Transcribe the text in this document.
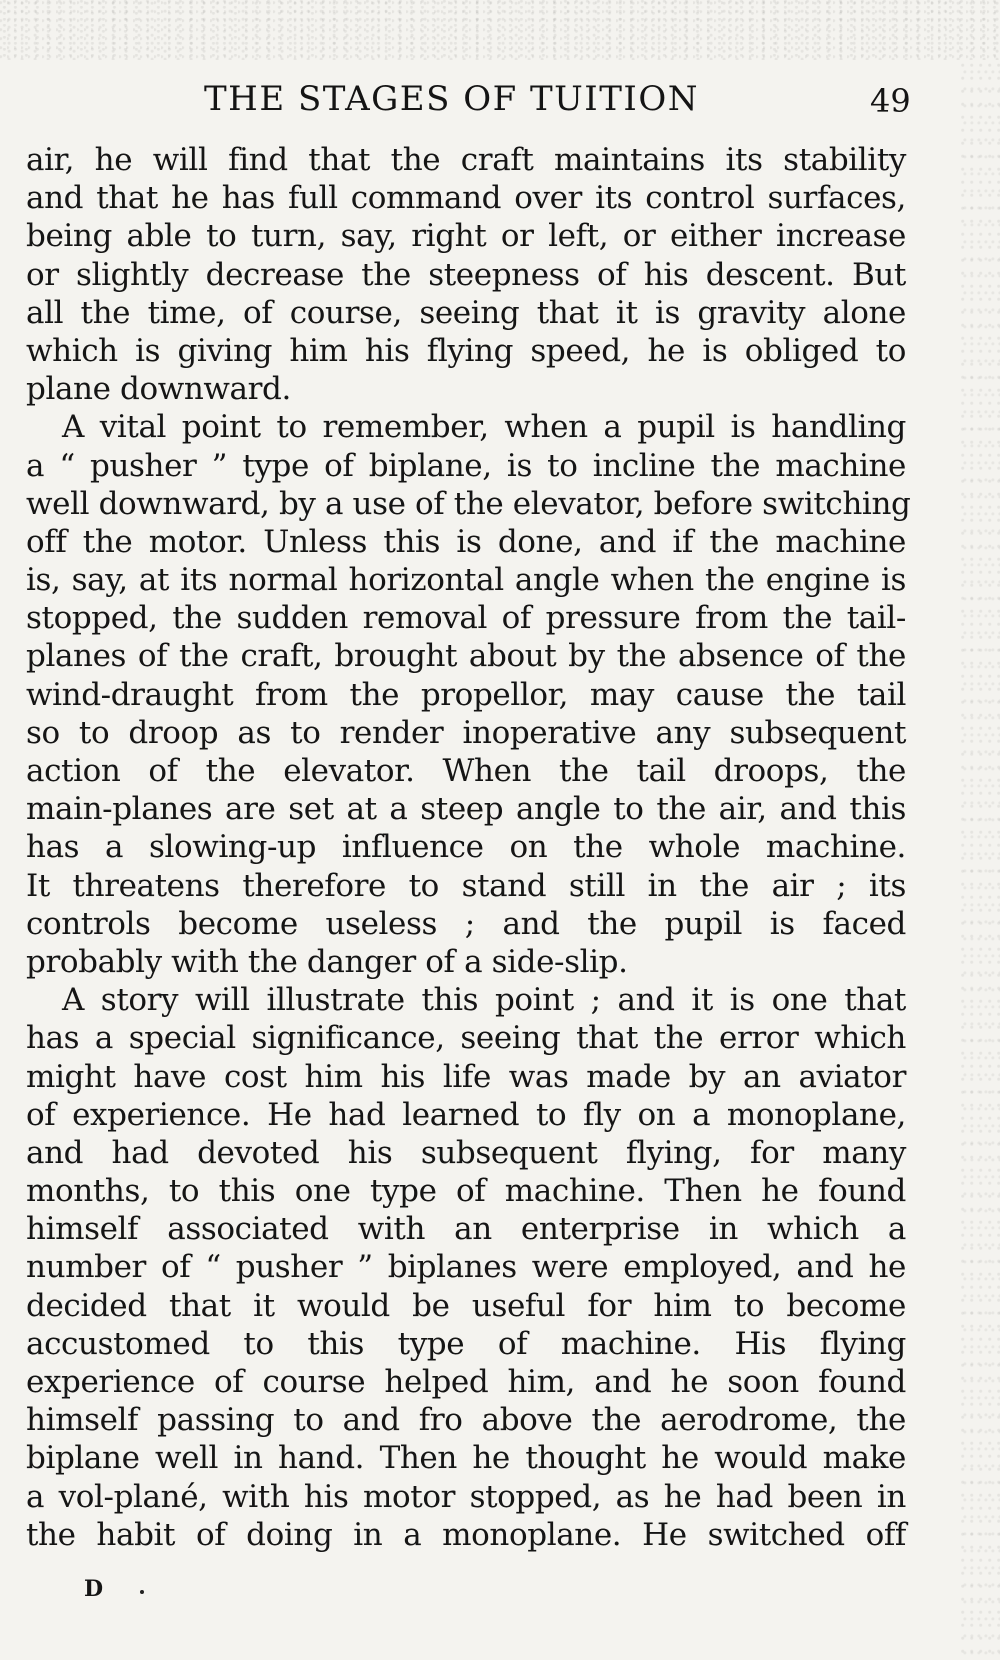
THE STAGES OF TUITION	49
air, he will find that the craft maintains its stability
and that he has full command over its control surfaces,
being able to turn, say, right or left, or either increase
or slightly decrease the steepness of his descent. But
all the time, of course, seeing that it is gravity alone
which is giving him his flying speed, he is obliged to
plane downward.
A vital point to remember, when a pupil is handling
a “ pusher ” type of biplane, is to incline the machine
well downward, by a use of the elevator, before switching
off the motor. Unless this is done, and if the machine
is, say, at its normal horizontal angle when the engine is
stopped, the sudden removal of pressure from the tail-
planes of the craft, brought about by the absence of the
wind-draught from the propellor, may cause the tail
so to droop as to render inoperative any subsequent
action of the elevator. When the tail droops, the
main-planes are set at a steep angle to the air, and this
has a slowing-up influence on the whole machine.
It threatens therefore to stand still in the air ; its
controls become useless ; and the pupil is faced
probably with the danger of a side-slip.
A story will illustrate this point ; and it is one that
has a special significance, seeing that the error which
might have cost him his life was made by an aviator
of experience. He had learned to fly on a monoplane,
and had devoted his subsequent flying, for many
months, to this one type of machine. Then he found
himself associated with an enterprise in which a
number of “ pusher ” biplanes were employed, and he
decided that it would be useful for him to become
accustomed to this type of machine. His flying
experience of course helped him, and he soon found
himself passing to and fro above the aerodrome, the
biplane well in hand. Then he thought he would make
a vol-plané, with his motor stopped, as he had been in
the habit of doing in a monoplane. He switched off
D
